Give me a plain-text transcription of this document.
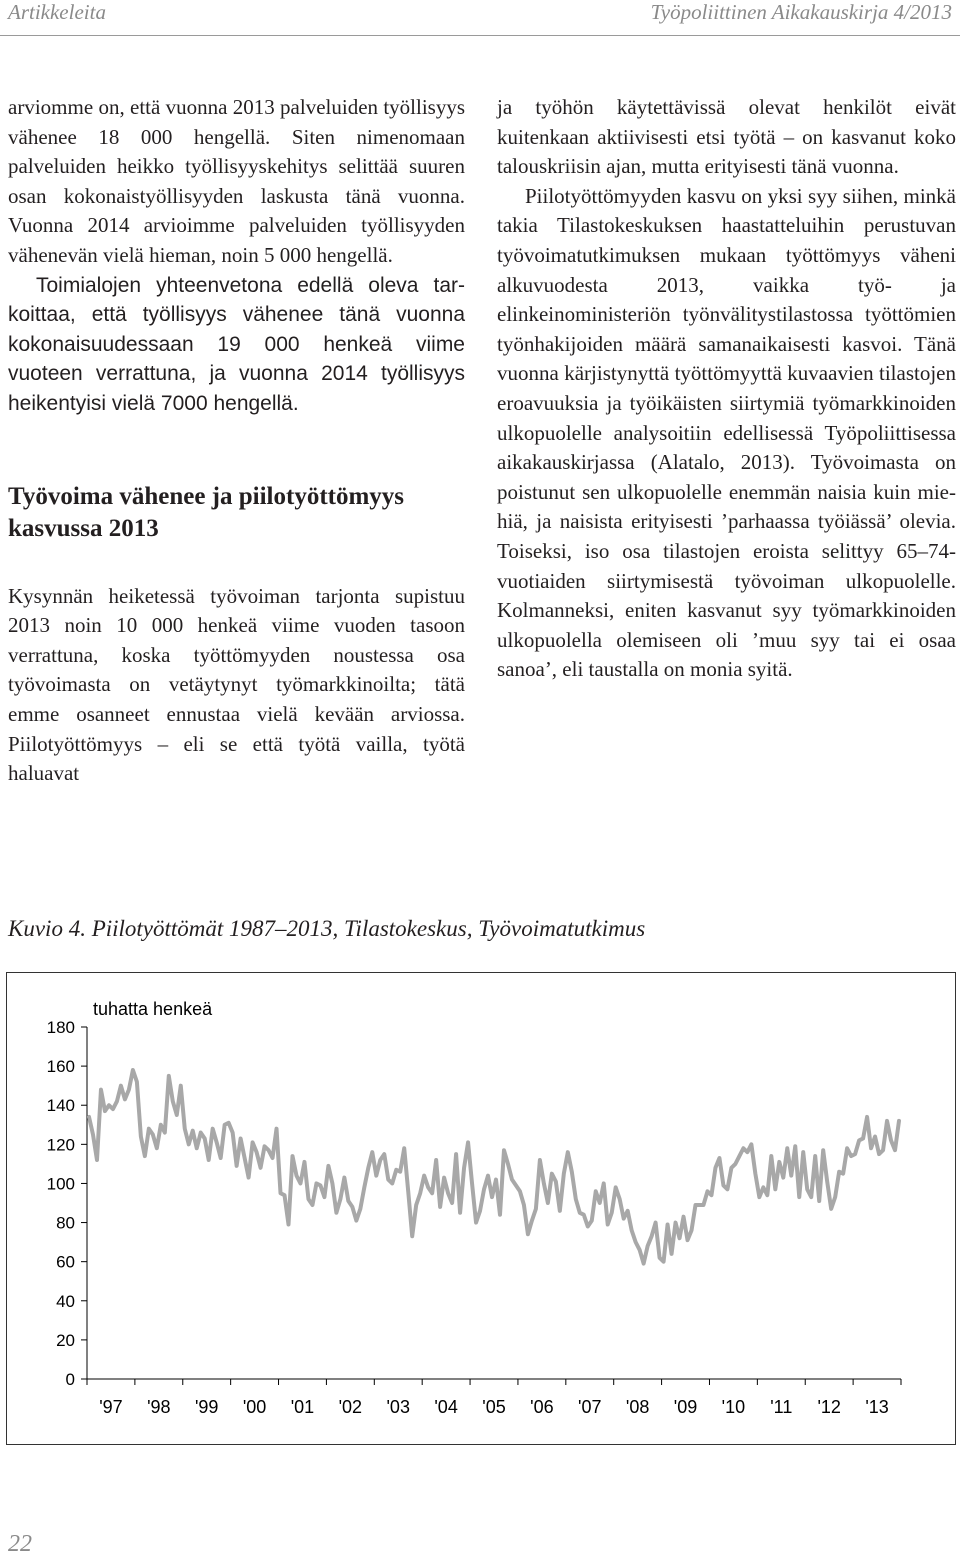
Artikkeleita	Työpoliittinen Aikakauskirja 4/2013

arviomme on, että vuonna 2013 palveluiden työllisyys vähenee 18 000 hengellä. Siten nimenomaan palveluiden heikko työllisyyskehitys selittää suuren osan kokonaistyöllisyyden laskusta tänä vuonna. Vuonna 2014 arvioimme palveluiden työllisyyden vähenevän vielä hieman, noin 5 000 hengellä.

Toimialojen yhteenvetona edellä oleva tarkoittaa, että työllisyys vähenee tänä vuonna kokonaisuudessaan 19 000 henkeä viime vuoteen verrattuna, ja vuonna 2014 työllisyys heikentyisi vielä 7000 hengellä.

Työvoima vähenee ja piilotyöttömyys kasvussa 2013

Kysynnän heiketessä työvoiman tarjonta supistuu 2013 noin 10 000 henkeä viime vuoden tasoon verrattuna, koska työttömyyden noustessa osa työvoimasta on vetäytynyt työmarkkinoilta; tätä emme osanneet ennustaa vielä kevään arviossa. Piilotyöttömyys – eli se että työtä vailla, työtä haluavat

ja työhön käytettävissä olevat henkilöt eivät kuitenkaan aktiivisesti etsi työtä – on kasvanut koko talouskriisin ajan, mutta erityisesti tänä vuonna.

Piilotyöttömyyden kasvu on yksi syy siihen, minkä takia Tilastokeskuksen haastatteluihin perustuvan työvoimatutkimuksen mukaan työttömyys väheni alkuvuodesta 2013, vaikka työ- ja elinkeinoministeriön työnvälitystilastossa työttömien työnhakijoiden määrä samanaikaisesti kasvoi. Tänä vuonna kärjistynyttä työttömyyttä kuvaavien tilastojen eroavuuksia ja työikäisten siirtymiä työmarkkinoiden ulkopuolelle analysoitiin edellisessä Työpoliittisessa aikakauskirjassa (Alatalo, 2013). Työvoimasta on poistunut sen ulkopuolelle enemmän naisia kuin miehiä, ja naisista erityisesti ’parhaassa työiässä’ olevia. Toiseksi, iso osa tilastojen eroista selittyy 65–74-vuotiaiden siirtymisestä työvoiman ulkopuolelle. Kolmanneksi, eniten kasvanut syy työmarkkinoiden ulkopuolella olemiseen oli ’muu syy tai ei osaa sanoa’, eli taustalla on monia syitä.

Kuvio 4. Piilotyöttömät 1987–2013, Tilastokeskus, Työvoimatutkimus
0
20
40
60
80
100
120
140
160
180
'97 '98 '99 '00 '01 '02 '03 '04 '05 '06 '07 '08 '09 '10 '11 '12 '13
tuhatta henkeä
22
